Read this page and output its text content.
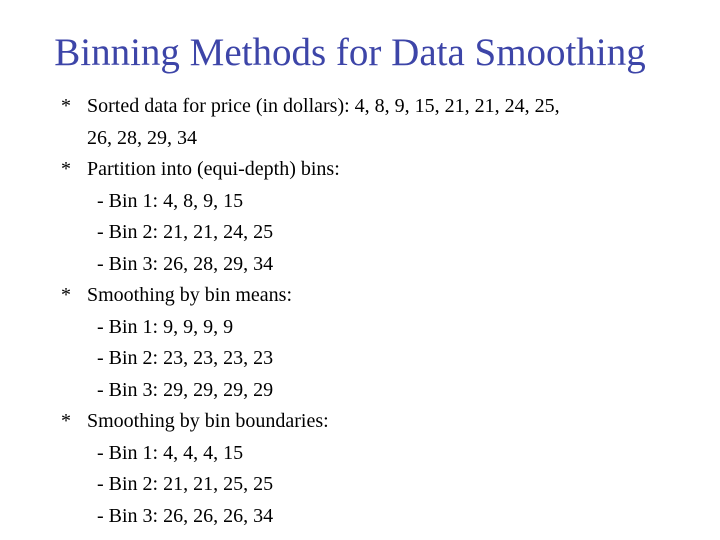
Binning Methods for Data Smoothing
* Sorted data for price (in dollars): 4, 8, 9, 15, 21, 21, 24, 25,
26, 28, 29, 34
* Partition into (equi-depth) bins:
- Bin 1: 4, 8, 9, 15
- Bin 2: 21, 21, 24, 25
- Bin 3: 26, 28, 29, 34
* Smoothing by bin means:
- Bin 1: 9, 9, 9, 9
- Bin 2: 23, 23, 23, 23
- Bin 3: 29, 29, 29, 29
* Smoothing by bin boundaries:
- Bin 1: 4, 4, 4, 15
- Bin 2: 21, 21, 25, 25
- Bin 3: 26, 26, 26, 34
